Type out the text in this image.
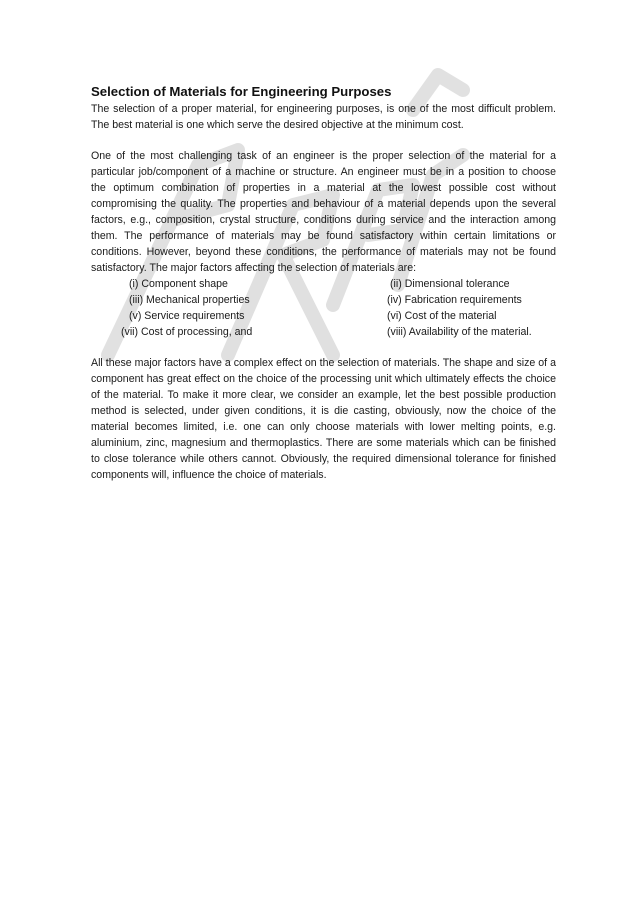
Selection of Materials for Engineering Purposes

The selection of a proper material, for engineering purposes, is one of the most difficult problem. The best material is one which serve the desired objective at the minimum cost.

One of the most challenging task of an engineer is the proper selection of the material for a particular job/component of a machine or structure. An engineer must be in a position to choose the optimum combination of properties in a material at the lowest possible cost without compromising the quality. The properties and behaviour of a material depends upon the several factors, e.g., composition, crystal structure, conditions during service and the interaction among them. The performance of materials may be found satisfactory within certain limitations or conditions. However, beyond these conditions, the performance of materials may not be found satisfactory. The major factors affecting the selection of materials are:

(i) Component shape	(ii) Dimensional tolerance
(iii) Mechanical properties	(iv) Fabrication requirements
(v) Service requirements	(vi) Cost of the material
(vii) Cost of processing, and	(viii) Availability of the material.

All these major factors have a complex effect on the selection of materials. The shape and size of a component has great effect on the choice of the processing unit which ultimately effects the choice of the material. To make it more clear, we consider an example, let the best possible production method is selected, under given conditions, it is die casting, obviously, now the choice of the material becomes limited, i.e. one can only choose materials with lower melting points, e.g. aluminium, zinc, magnesium and thermoplastics. There are some materials which can be finished to close tolerance while others cannot. Obviously, the required dimensional tolerance for finished components will, influence the choice of materials.
